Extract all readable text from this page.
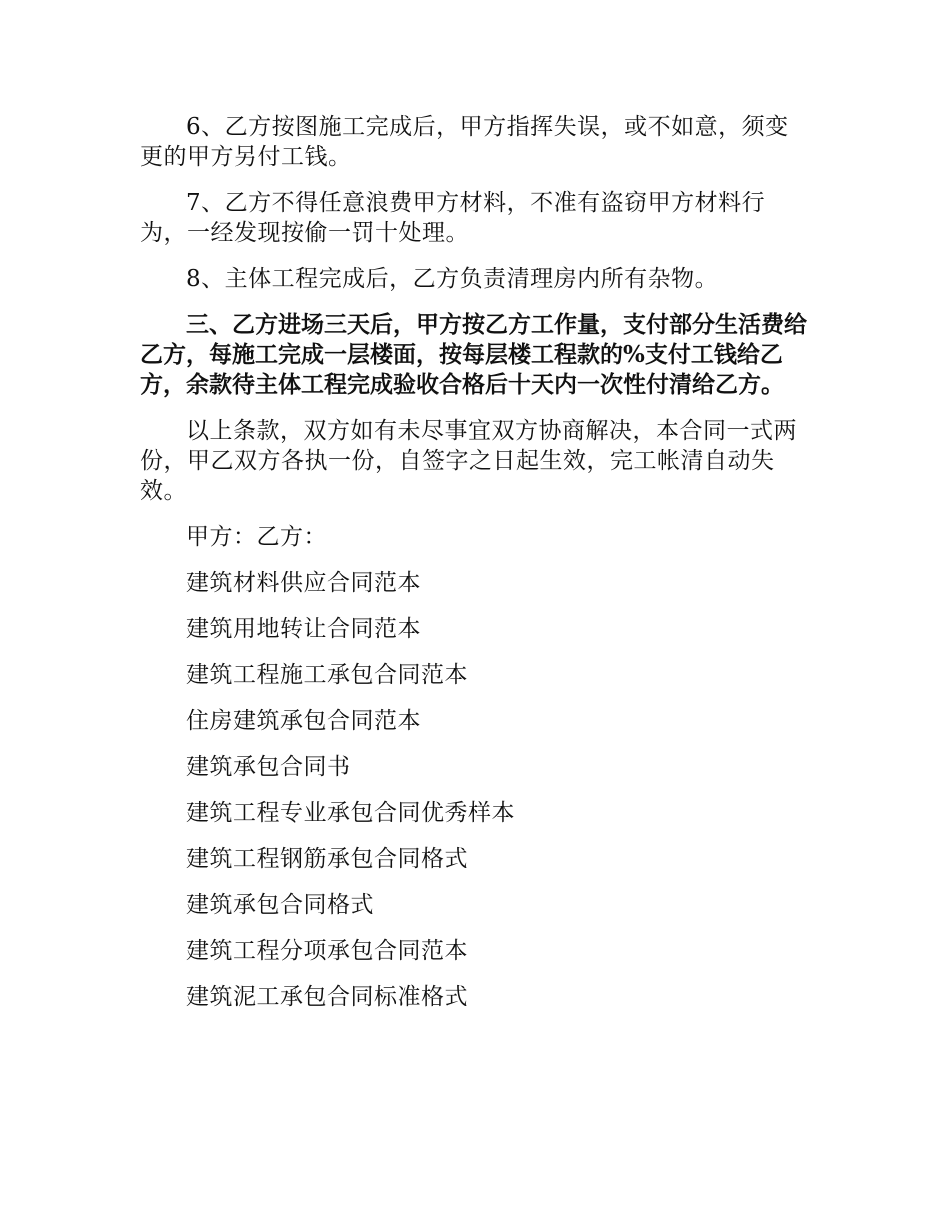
6、乙方按图施工完成后，甲方指挥失误，或不如意，须变更的甲方另付工钱。

7、乙方不得任意浪费甲方材料，不准有盗窃甲方材料行为，一经发现按偷一罚十处理。

8、主体工程完成后，乙方负责清理房内所有杂物。

三、乙方进场三天后，甲方按乙方工作量，支付部分生活费给乙方，每施工完成一层楼面，按每层楼工程款的%支付工钱给乙方，余款待主体工程完成验收合格后十天内一次性付清给乙方。

以上条款，双方如有未尽事宜双方协商解决，本合同一式两份，甲乙双方各执一份，自签字之日起生效，完工帐清自动失效。

甲方：乙方：

建筑材料供应合同范本

建筑用地转让合同范本

建筑工程施工承包合同范本

住房建筑承包合同范本

建筑承包合同书

建筑工程专业承包合同优秀样本

建筑工程钢筋承包合同格式

建筑承包合同格式

建筑工程分项承包合同范本

建筑泥工承包合同标准格式
